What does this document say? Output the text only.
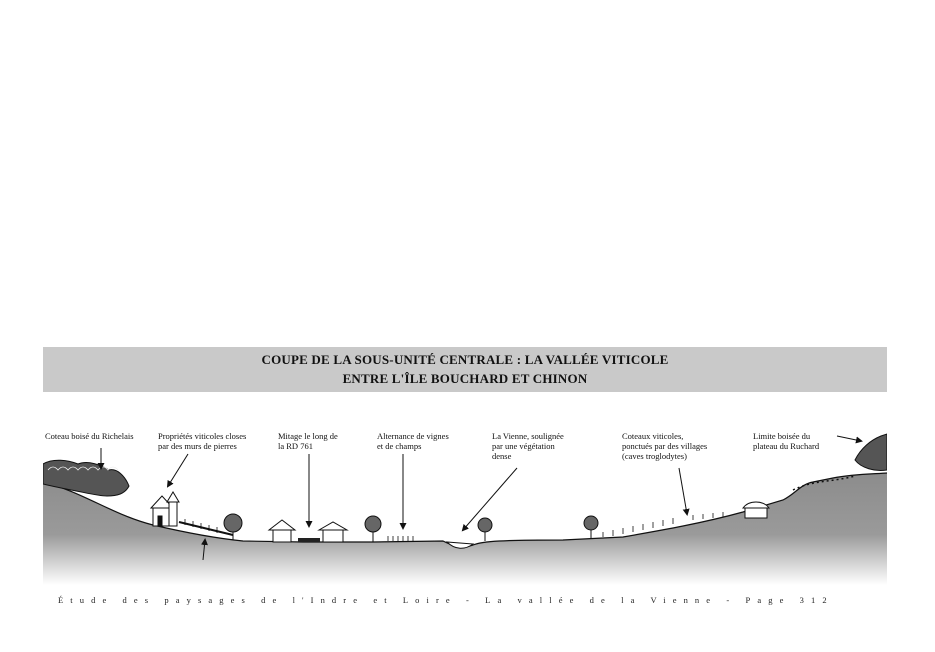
COUPE DE LA SOUS-UNITÉ CENTRALE : LA VALLÉE VITICOLE
ENTRE L'ÎLE BOUCHARD ET CHINON
Coteau boisé du Richelais	Propriétés viticoles closes
par des murs de pierres
Mitage le long de
la RD 761
Alternance de vignes
et de champs
La Vienne, soulignée
par une végétation
dense
Coteaux viticoles,
ponctués par des villages
(caves troglodytes)
Limite boisée du
plateau du Ruchard
Étude des paysages de l'Indre et Loire - La vallée de la Vienne - Page 312
